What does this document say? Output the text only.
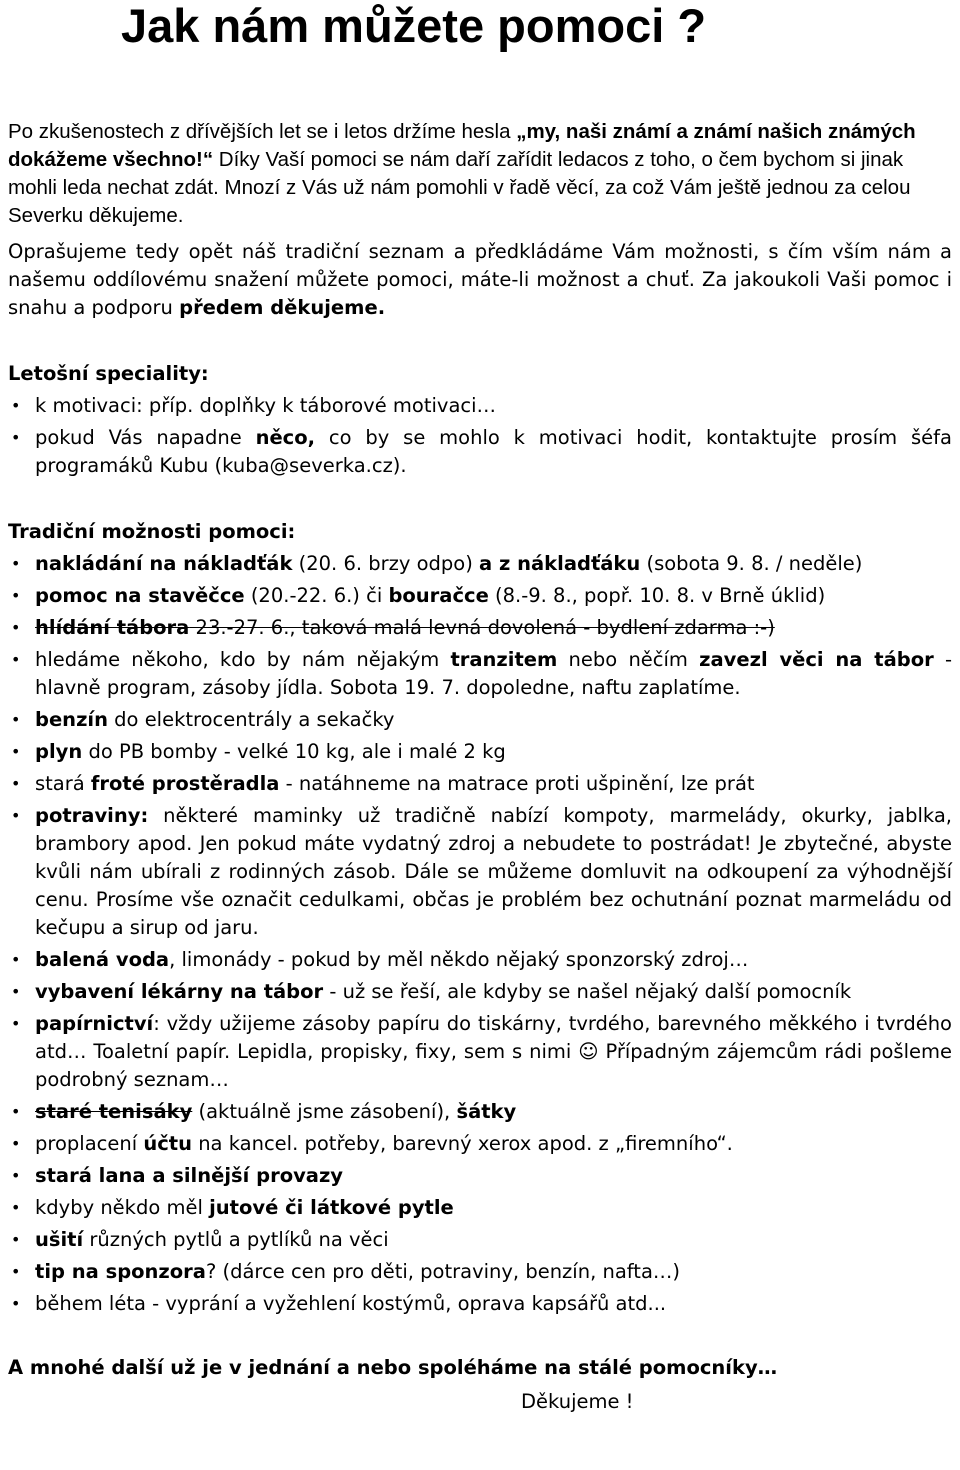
Jak nám můžete pomoci ?

Po zkušenostech z dřívějších let se i letos držíme hesla „my, naši známí a známí našich známých dokážeme všechno!“ Díky Vaší pomoci se nám daří zařídit ledacos z toho, o čem bychom si jinak mohli leda nechat zdát. Mnozí z Vás už nám pomohli v řadě věcí, za což Vám ještě jednou za celou Severku děkujeme.

Oprašujeme tedy opět náš tradiční seznam a předkládáme Vám možnosti, s čím vším nám a našemu oddílovému snažení můžete pomoci, máte-li možnost a chuť. Za jakoukoli Vaši pomoc i snahu a podporu předem děkujeme.

Letošní speciality:
• k motivaci: příp. doplňky k táborové motivaci…
• pokud Vás napadne něco, co by se mohlo k motivaci hodit, kontaktujte prosím šéfa programáků Kubu (kuba@severka.cz).
Tradiční možnosti pomoci:
• nakládání na nákladťák (20. 6. brzy odpo) a z nákladťáku (sobota 9. 8. / neděle)
• pomoc na stavěčce (20.-22. 6.) či bouračce (8.-9. 8., popř. 10. 8. v Brně úklid)
• hlídání tábora 23.-27. 6., taková malá levná dovolená - bydlení zdarma :-)
• hledáme někoho, kdo by nám nějakým tranzitem nebo něčím zavezl věci na tábor - hlavně program, zásoby jídla. Sobota 19. 7. dopoledne, naftu zaplatíme.
• benzín do elektrocentrály a sekačky
• plyn do PB bomby - velké 10 kg, ale i malé 2 kg
• stará froté prostěradla - natáhneme na matrace proti ušpinění, lze prát
• potraviny: některé maminky už tradičně nabízí kompoty, marmelády, okurky, jablka, brambory apod. Jen pokud máte vydatný zdroj a nebudete to postrádat! Je zbytečné, abyste kvůli nám ubírali z rodinných zásob. Dále se můžeme domluvit na odkoupení za výhodnější cenu. Prosíme vše označit cedulkami, občas je problém bez ochutnání poznat marmeládu od kečupu a sirup od jaru.
• balená voda, limonády - pokud by měl někdo nějaký sponzorský zdroj…
• vybavení lékárny na tábor - už se řeší, ale kdyby se našel nějaký další pomocník
• papírnictví: vždy užijeme zásoby papíru do tiskárny, tvrdého, barevného měkkého i tvrdého atd… Toaletní papír. Lepidla, propisky, fixy, sem s nimi ☺ Případným zájemcům rádi pošleme podrobný seznam…
• staré tenisáky (aktuálně jsme zásobení), šátky
• proplacení účtu na kancel. potřeby, barevný xerox apod. z „firemního“.
• stará lana a silnější provazy
• kdyby někdo měl jutové či látkové pytle
• ušití různých pytlů a pytlíků na věci
• tip na sponzora? (dárce cen pro děti, potraviny, benzín, nafta…)
• během léta - vyprání a vyžehlení kostýmů, oprava kapsářů atd...

A mnohé další už je v jednání a nebo spoléháme na stálé pomocníky…

Děkujeme !
